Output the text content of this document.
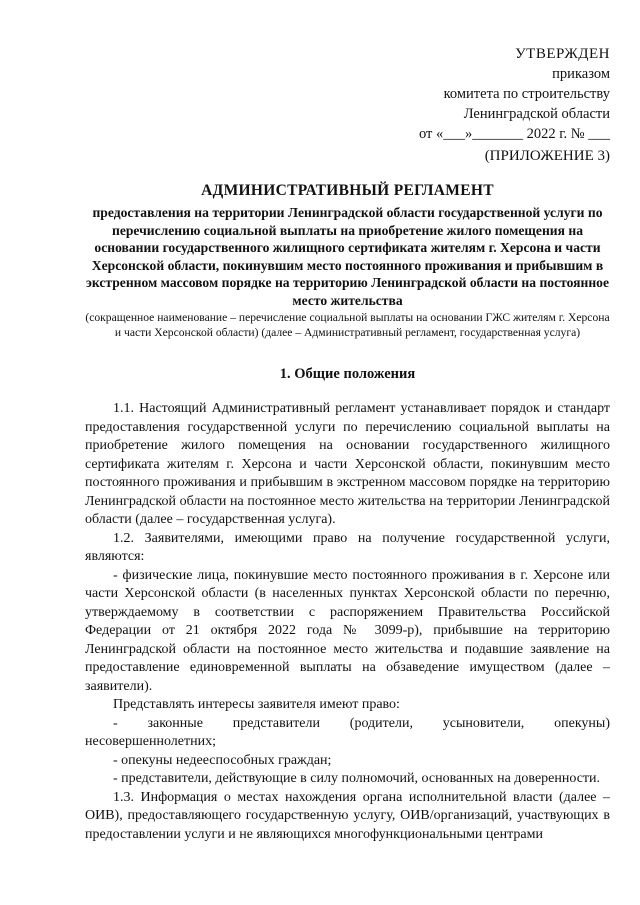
УТВЕРЖДЕН
приказом
комитета по строительству
Ленинградской области
от «___»_______ 2022 г. № ___
(ПРИЛОЖЕНИЕ 3)
АДМИНИСТРАТИВНЫЙ РЕГЛАМЕНТ
предоставления на территории Ленинградской области государственной услуги по перечислению социальной выплаты на приобретение жилого помещения на основании государственного жилищного сертификата жителям г. Херсона и части Херсонской области, покинувшим место постоянного проживания и прибывшим в экстренном массовом порядке на территорию Ленинградской области на постоянное место жительства
(сокращенное наименование – перечисление социальной выплаты на основании ГЖС жителям г. Херсона и части Херсонской области) (далее – Административный регламент, государственная услуга)
1. Общие положения

1.1. Настоящий Административный регламент устанавливает порядок и стандарт предоставления государственной услуги по перечислению социальной выплаты на приобретение жилого помещения на основании государственного жилищного сертификата жителям г. Херсона и части Херсонской области, покинувшим место постоянного проживания и прибывшим в экстренном массовом порядке на территорию Ленинградской области на постоянное место жительства на территории Ленинградской области (далее – государственная услуга).

1.2. Заявителями, имеющими право на получение государственной услуги, являются:

- физические лица, покинувшие место постоянного проживания в г. Херсоне или части Херсонской области (в населенных пунктах Херсонской области по перечню, утверждаемому в соответствии с распоряжением Правительства Российской Федерации от 21 октября 2022 года № 3099-р), прибывшие на территорию Ленинградской области на постоянное место жительства и подавшие заявление на предоставление единовременной выплаты на обзаведение имуществом (далее – заявители).

Представлять интересы заявителя имеют право:

- законные представители (родители, усыновители, опекуны) несовершеннолетних;

- опекуны недееспособных граждан;

- представители, действующие в силу полномочий, основанных на доверенности.

1.3. Информация о местах нахождения органа исполнительной власти (далее – ОИВ), предоставляющего государственную услугу, ОИВ/организаций, участвующих в предоставлении услуги и не являющихся многофункциональными центрами
